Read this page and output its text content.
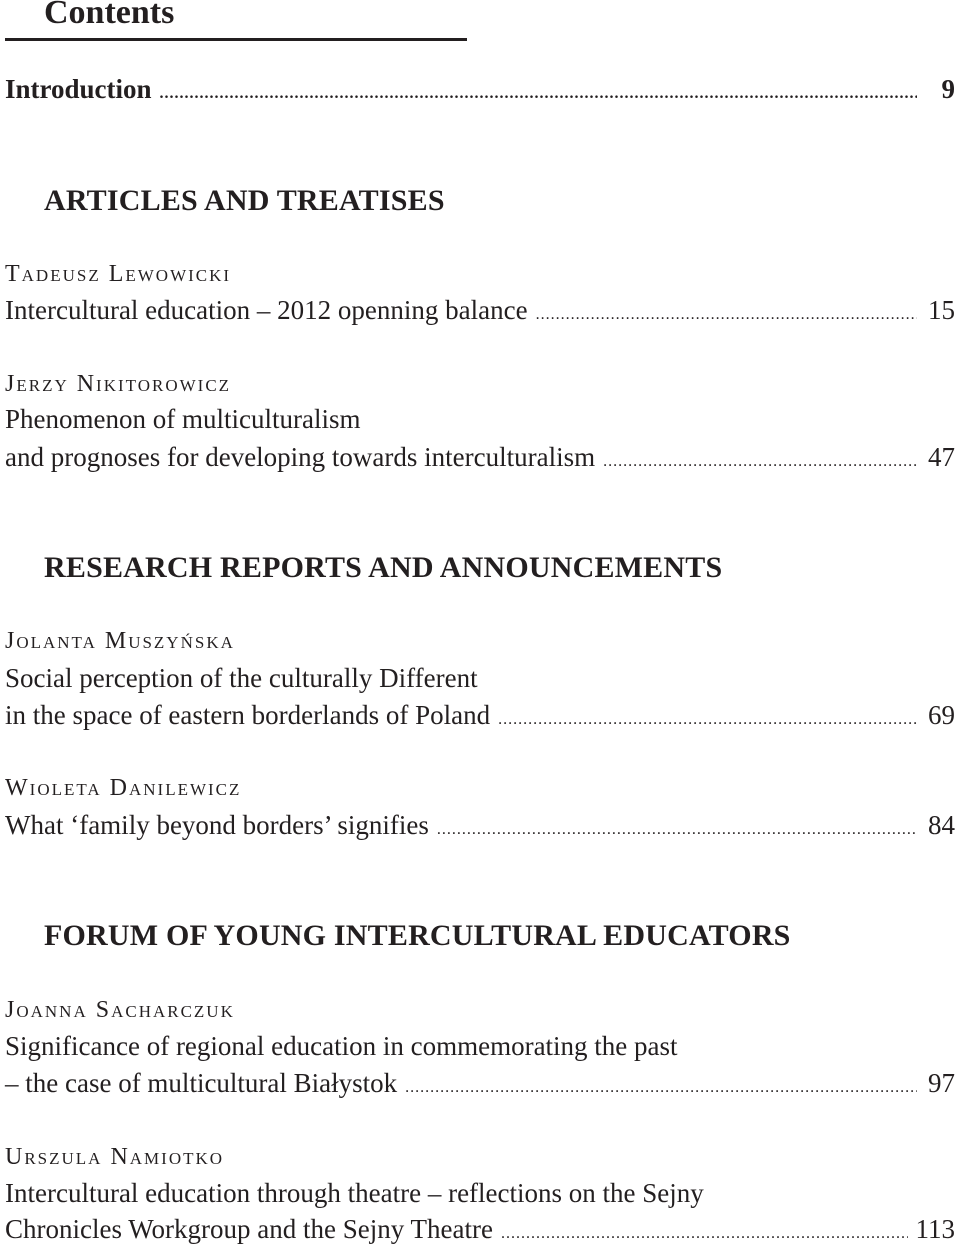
Contents
Introduction .....	9
ARTICLES AND TREATISES
Tadeusz Lewowicki
Intercultural education – 2012 openning balance .....	15
Jerzy Nikitorowicz
Phenomenon of multiculturalism
and prognoses for developing towards interculturalism .....	47
RESEARCH REPORTS AND ANNOUNCEMENTS
Jolanta Muszyńska
Social perception of the culturally Different
in the space of eastern borderlands of Poland .....	69
Wioleta Danilewicz
What ‘family beyond borders’ signifies .....	84
FORUM OF YOUNG INTERCULTURAL EDUCATORS
Joanna Sacharczuk
Significance of regional education in commemorating the past
– the case of multicultural Białystok .....	97
Urszula Namiotko
Intercultural education through theatre – reflections on the Sejny
Chronicles Workgroup and the Sejny Theatre .....	113
